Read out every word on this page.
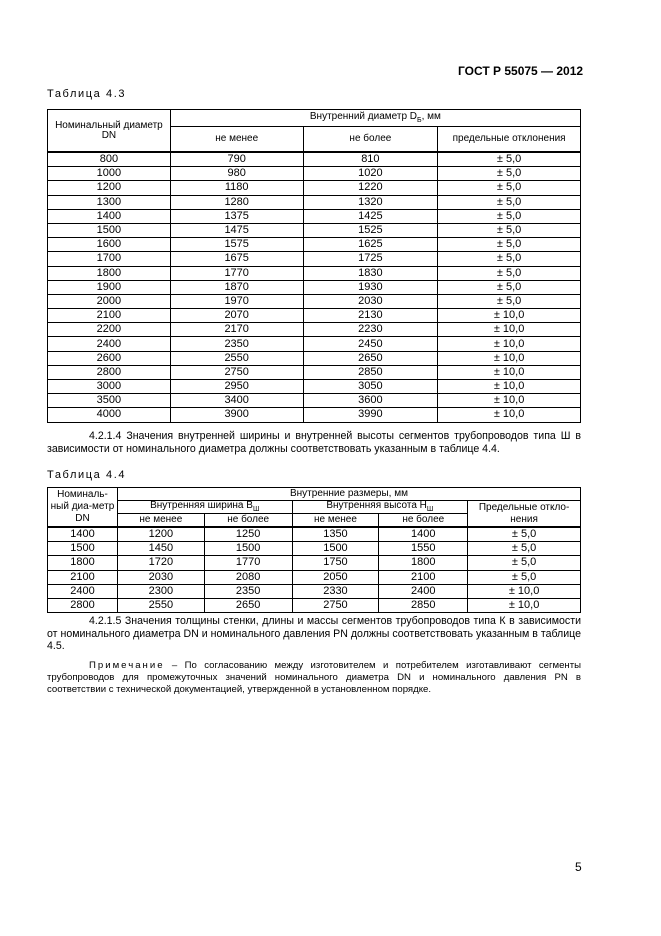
ГОСТ Р 55075 — 2012
Таблица 4.3
Номинальный диаметр DN	Внутренний диаметр $D_Б$, мм		
	не менее	не более	предельные отклонения
800	790	810	± 5,0
1000	980	1020	± 5,0
1200	1180	1220	± 5,0
1300	1280	1320	± 5,0
1400	1375	1425	± 5,0
1500	1475	1525	± 5,0
1600	1575	1625	± 5,0
1700	1675	1725	± 5,0
1800	1770	1830	± 5,0
1900	1870	1930	± 5,0
2000	1970	2030	± 5,0
2100	2070	2130	± 10,0
2200	2170	2230	± 10,0
2400	2350	2450	± 10,0
2600	2550	2650	± 10,0
2800	2750	2850	± 10,0
3000	2950	3050	± 10,0
3500	3400	3600	± 10,0
4000	3900	3990	± 10,0
4.2.1.4 Значения внутренней ширины и внутренней высоты сегментов трубопроводов типа Ш в зависимости от номинального диаметра должны соответствовать указанным в таблице 4.4.
Таблица 4.4
Номиналь-ный диа-метр DN	Внутренние размеры, мм				
	Внутренняя ширина $B_Ш$		Внутренняя высота $H_Ш$		Предельные откло-нения
	не менее	не более	не менее	не более	
1400	1200	1250	1350	1400	± 5,0
1500	1450	1500	1500	1550	± 5,0
1800	1720	1770	1750	1800	± 5,0
2100	2030	2080	2050	2100	± 5,0
2400	2300	2350	2330	2400	± 10,0
2800	2550	2650	2750	2850	± 10,0
4.2.1.5 Значения толщины стенки, длины и массы сегментов трубопроводов типа К в зависимости от номинального диаметра DN и номинального давления PN должны соответствовать указанным в таблице 4.5.
Примечание – По согласованию между изготовителем и потребителем изготавливают сегменты трубопроводов для промежуточных значений номинального диаметра DN и номинального давления PN в соответствии с технической документацией, утвержденной в установленном порядке.
5
